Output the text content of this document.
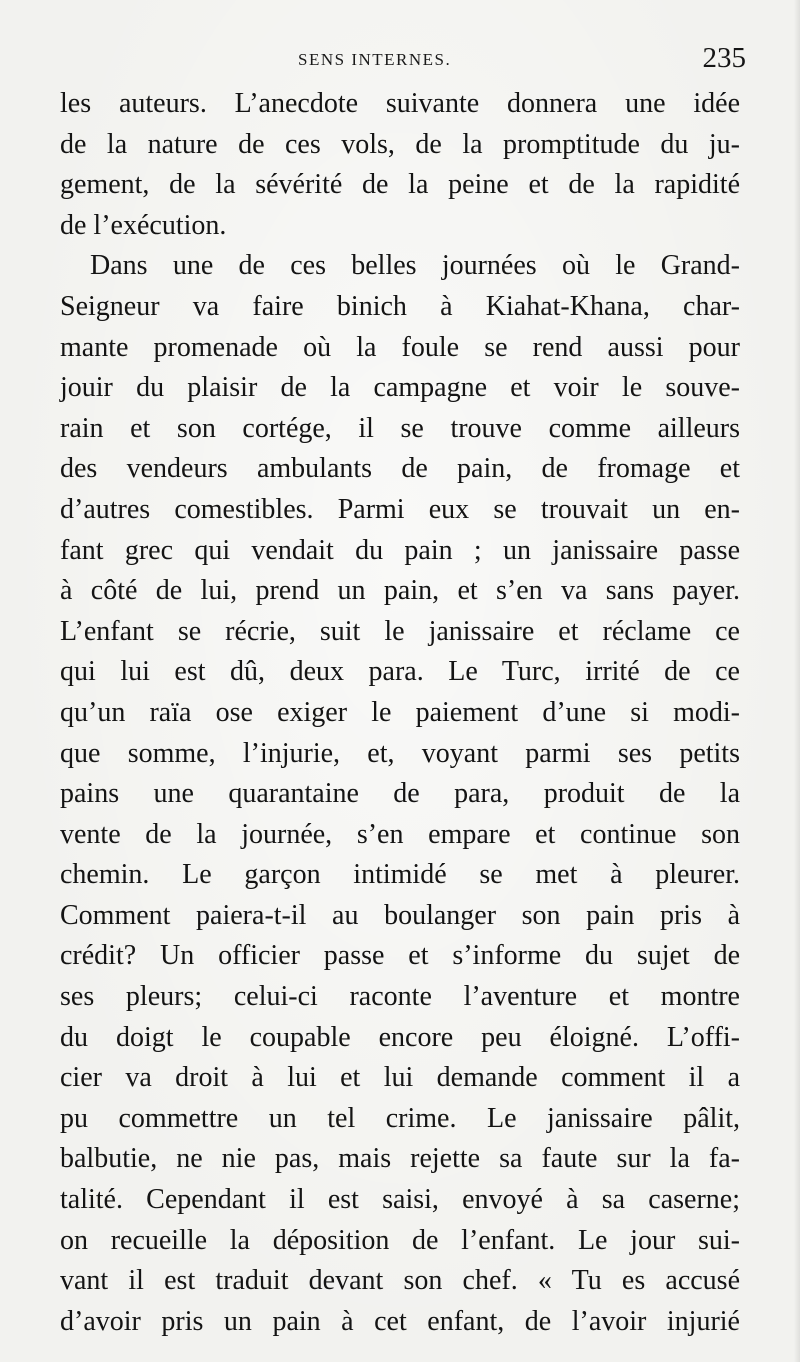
SENS INTERNES.	235
les auteurs. L’anecdote suivante donnera une idée
de la nature de ces vols, de la promptitude du ju-
gement, de la sévérité de la peine et de la rapidité
de l’exécution.
Dans une de ces belles journées où le Grand-
Seigneur va faire binich à Kiahat-Khana, char-
mante promenade où la foule se rend aussi pour
jouir du plaisir de la campagne et voir le souve-
rain et son cortége, il se trouve comme ailleurs
des vendeurs ambulants de pain, de fromage et
d’autres comestibles. Parmi eux se trouvait un en-
fant grec qui vendait du pain ; un janissaire passe
à côté de lui, prend un pain, et s’en va sans payer.
L’enfant se récrie, suit le janissaire et réclame ce
qui lui est dû, deux para. Le Turc, irrité de ce
qu’un raïa ose exiger le paiement d’une si modi-
que somme, l’injurie, et, voyant parmi ses petits
pains une quarantaine de para, produit de la
vente de la journée, s’en empare et continue son
chemin. Le garçon intimidé se met à pleurer.
Comment paiera-t-il au boulanger son pain pris à
crédit? Un officier passe et s’informe du sujet de
ses pleurs; celui-ci raconte l’aventure et montre
du doigt le coupable encore peu éloigné. L’offi-
cier va droit à lui et lui demande comment il a
pu commettre un tel crime. Le janissaire pâlit,
balbutie, ne nie pas, mais rejette sa faute sur la fa-
talité. Cependant il est saisi, envoyé à sa caserne;
on recueille la déposition de l’enfant. Le jour sui-
vant il est traduit devant son chef. « Tu es accusé
d’avoir pris un pain à cet enfant, de l’avoir injurié
